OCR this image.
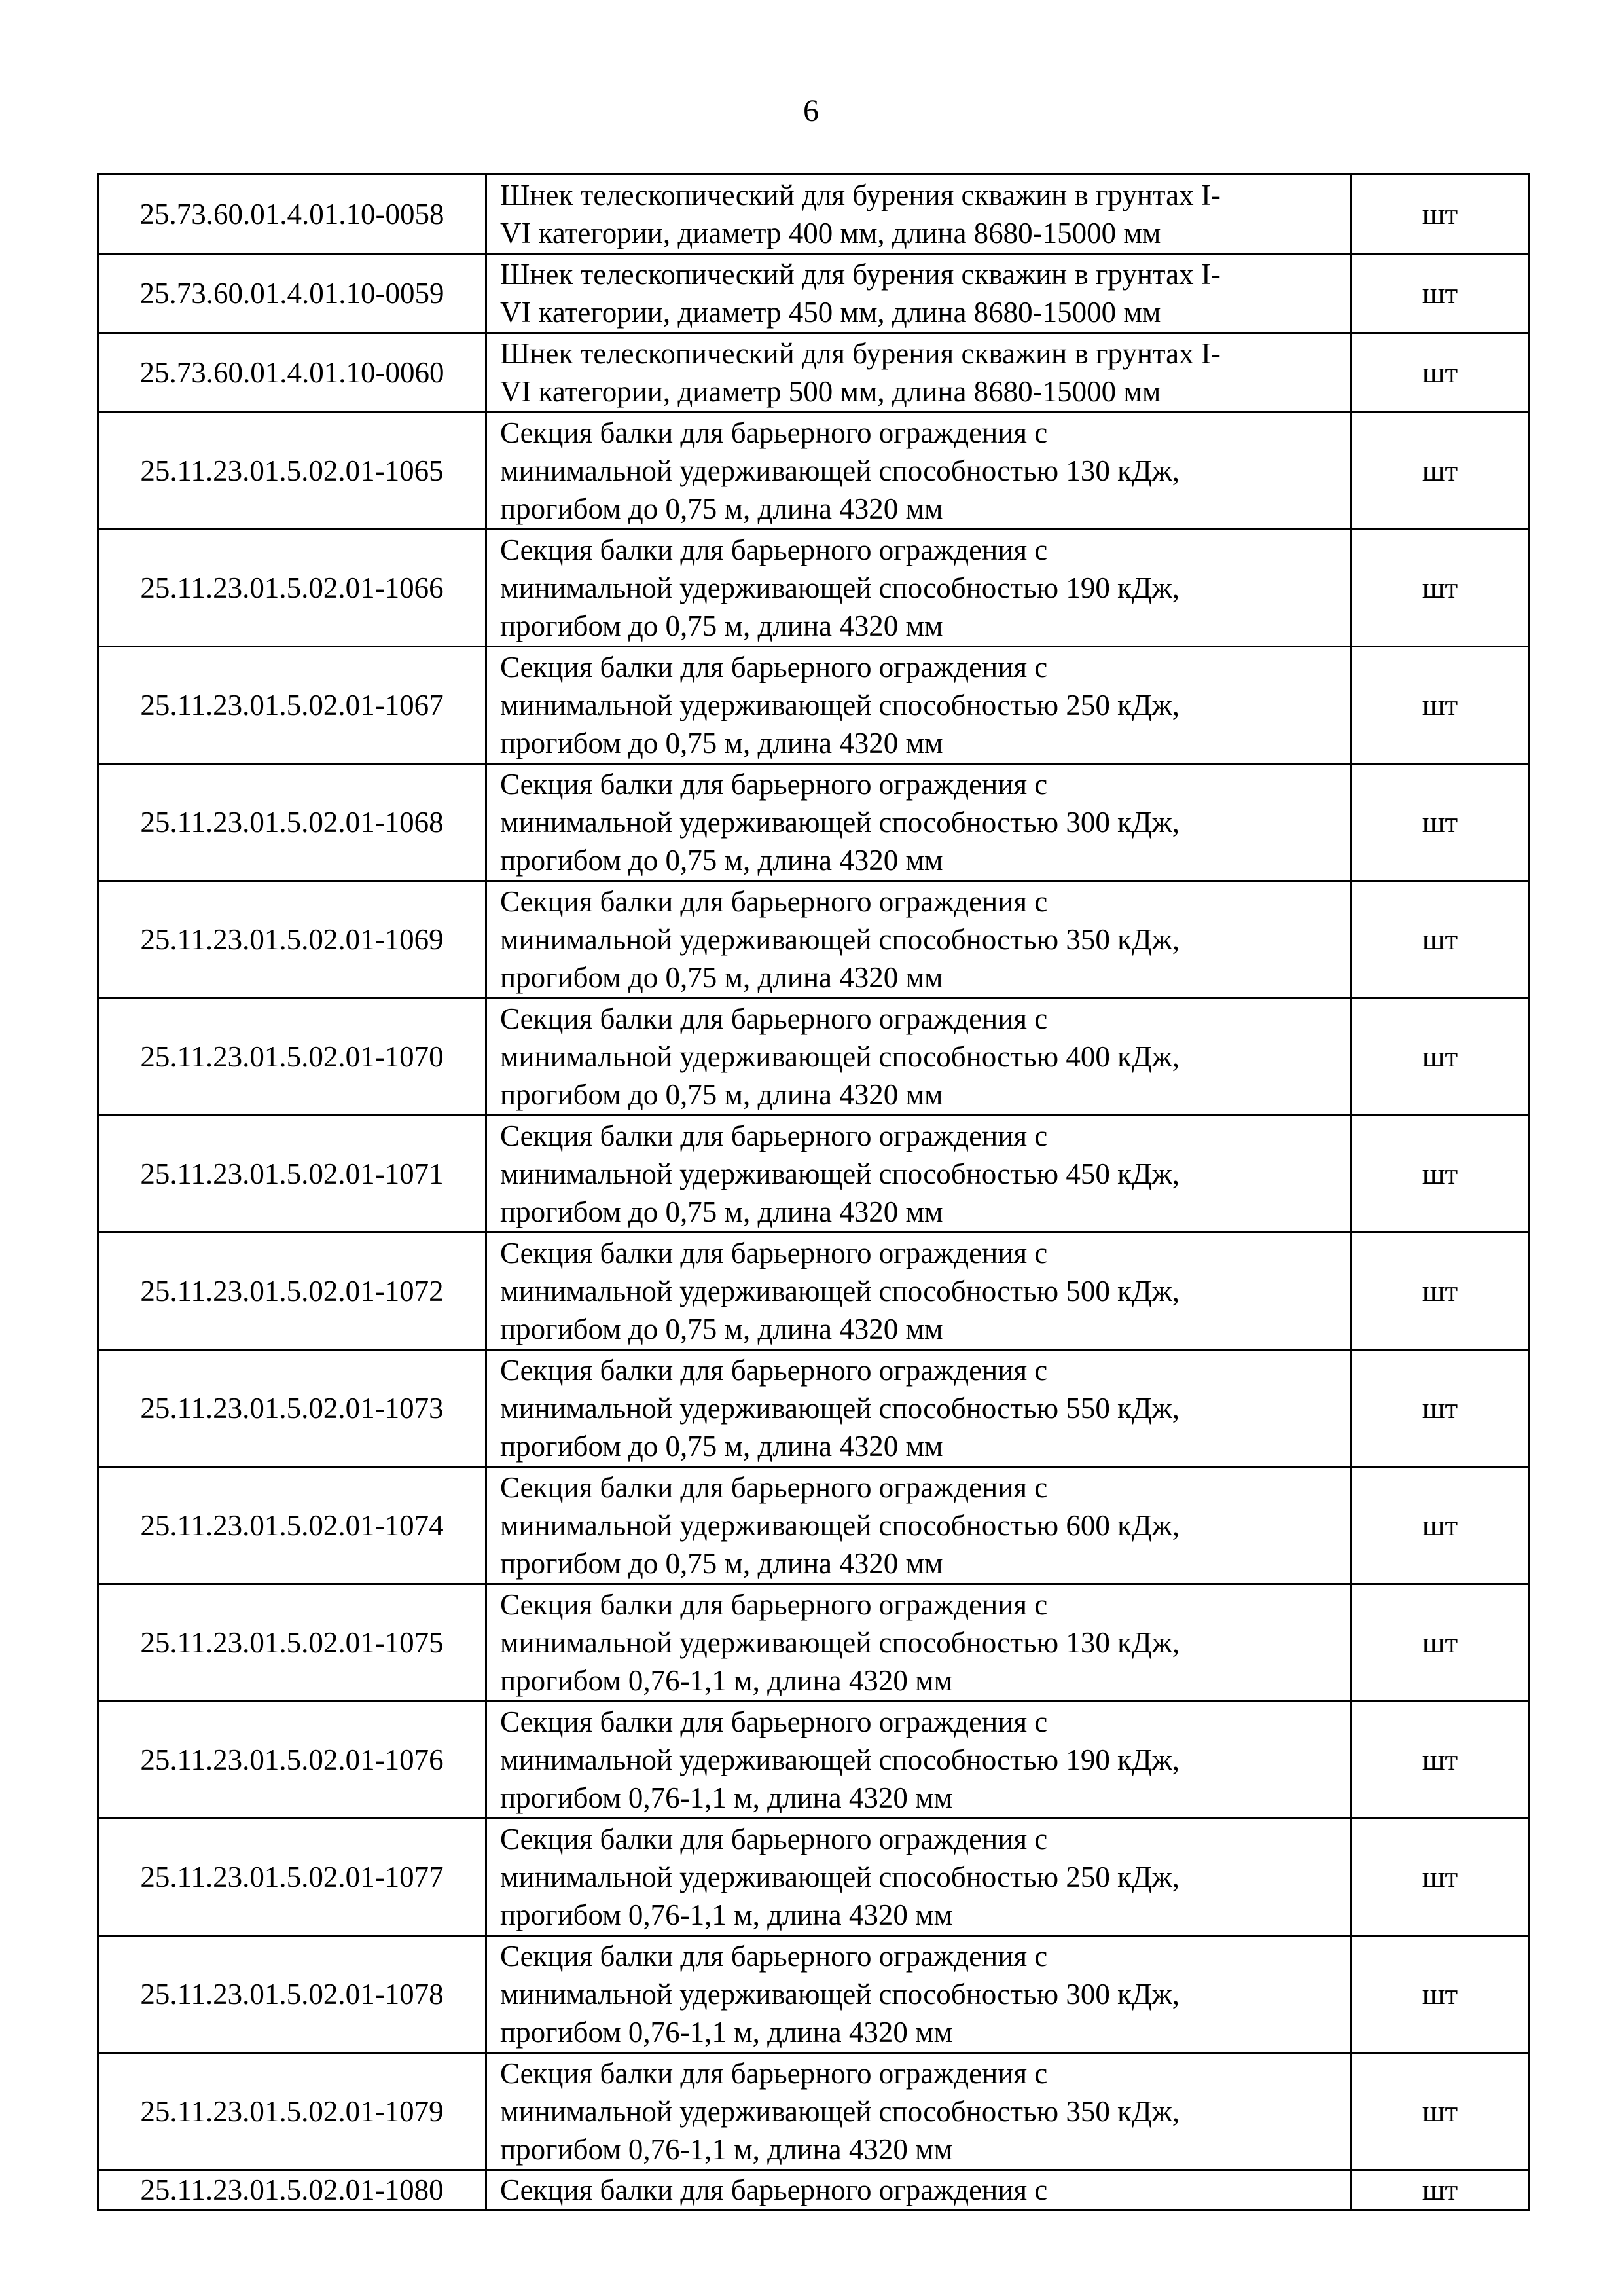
6
25.73.60.01.4.01.10-0058	Шнек телескопический для бурения скважин в грунтах I-
VI категории, диаметр 400 мм, длина 8680-15000 мм	шт
25.73.60.01.4.01.10-0059	Шнек телескопический для бурения скважин в грунтах I-
VI категории, диаметр 450 мм, длина 8680-15000 мм	шт
25.73.60.01.4.01.10-0060	Шнек телескопический для бурения скважин в грунтах I-
VI категории, диаметр 500 мм, длина 8680-15000 мм	шт
25.11.23.01.5.02.01-1065	Секция балки для барьерного ограждения с
минимальной удерживающей способностью 130 кДж,
прогибом до 0,75 м, длина 4320 мм	шт
25.11.23.01.5.02.01-1066	Секция балки для барьерного ограждения с
минимальной удерживающей способностью 190 кДж,
прогибом до 0,75 м, длина 4320 мм	шт
25.11.23.01.5.02.01-1067	Секция балки для барьерного ограждения с
минимальной удерживающей способностью 250 кДж,
прогибом до 0,75 м, длина 4320 мм	шт
25.11.23.01.5.02.01-1068	Секция балки для барьерного ограждения с
минимальной удерживающей способностью 300 кДж,
прогибом до 0,75 м, длина 4320 мм	шт
25.11.23.01.5.02.01-1069	Секция балки для барьерного ограждения с
минимальной удерживающей способностью 350 кДж,
прогибом до 0,75 м, длина 4320 мм	шт
25.11.23.01.5.02.01-1070	Секция балки для барьерного ограждения с
минимальной удерживающей способностью 400 кДж,
прогибом до 0,75 м, длина 4320 мм	шт
25.11.23.01.5.02.01-1071	Секция балки для барьерного ограждения с
минимальной удерживающей способностью 450 кДж,
прогибом до 0,75 м, длина 4320 мм	шт
25.11.23.01.5.02.01-1072	Секция балки для барьерного ограждения с
минимальной удерживающей способностью 500 кДж,
прогибом до 0,75 м, длина 4320 мм	шт
25.11.23.01.5.02.01-1073	Секция балки для барьерного ограждения с
минимальной удерживающей способностью 550 кДж,
прогибом до 0,75 м, длина 4320 мм	шт
25.11.23.01.5.02.01-1074	Секция балки для барьерного ограждения с
минимальной удерживающей способностью 600 кДж,
прогибом до 0,75 м, длина 4320 мм	шт
25.11.23.01.5.02.01-1075	Секция балки для барьерного ограждения с
минимальной удерживающей способностью 130 кДж,
прогибом 0,76-1,1 м, длина 4320 мм	шт
25.11.23.01.5.02.01-1076	Секция балки для барьерного ограждения с
минимальной удерживающей способностью 190 кДж,
прогибом 0,76-1,1 м, длина 4320 мм	шт
25.11.23.01.5.02.01-1077	Секция балки для барьерного ограждения с
минимальной удерживающей способностью 250 кДж,
прогибом 0,76-1,1 м, длина 4320 мм	шт
25.11.23.01.5.02.01-1078	Секция балки для барьерного ограждения с
минимальной удерживающей способностью 300 кДж,
прогибом 0,76-1,1 м, длина 4320 мм	шт
25.11.23.01.5.02.01-1079	Секция балки для барьерного ограждения с
минимальной удерживающей способностью 350 кДж,
прогибом 0,76-1,1 м, длина 4320 мм	шт
25.11.23.01.5.02.01-1080	Секция балки для барьерного ограждения с	шт
